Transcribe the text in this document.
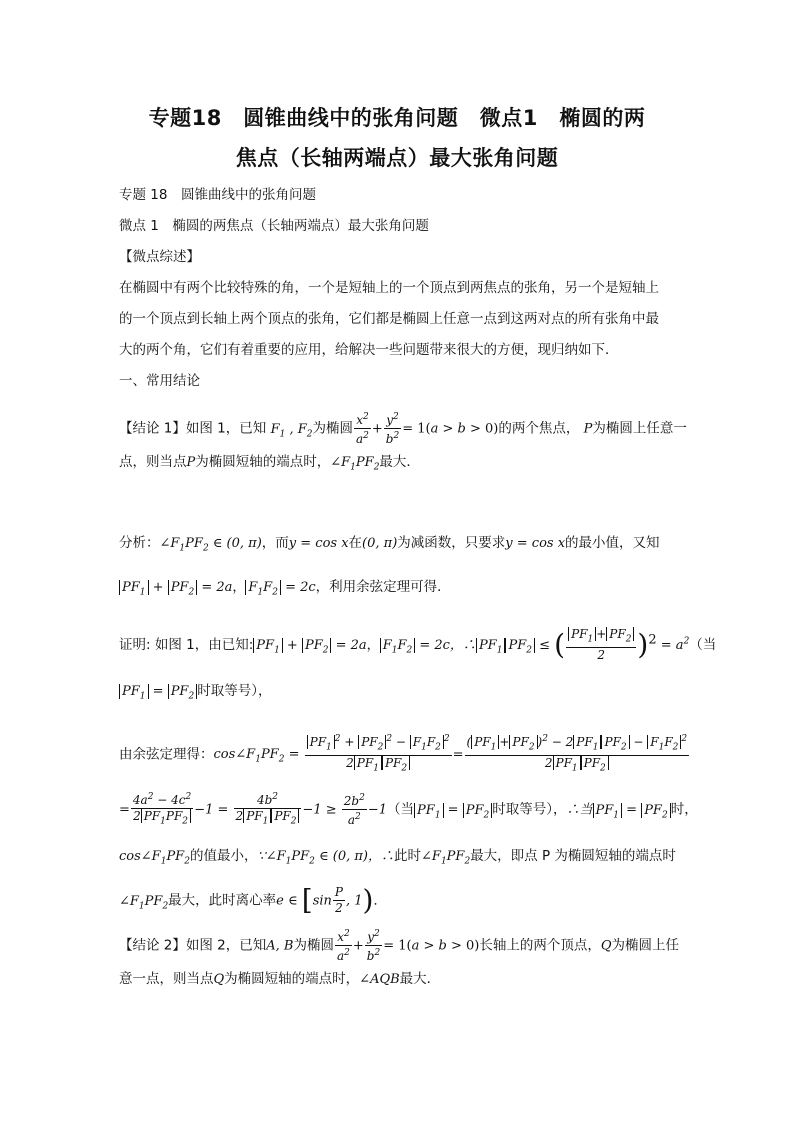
专题18　圆锥曲线中的张角问题　微点1　椭圆的两
焦点（长轴两端点）最大张角问题
专题 18　圆锥曲线中的张角问题
微点 1　椭圆的两焦点（长轴两端点）最大张角问题
【微点综述】
在椭圆中有两个比较特殊的角，一个是短轴上的一个顶点到两焦点的张角，另一个是短轴上
的一个顶点到长轴上两个顶点的张角，它们都是椭圆上任意一点到这两对点的所有张角中最
大的两个角，它们有着重要的应用，给解决一些问题带来很大的方便，现归纳如下．
一、常用结论
【结论 1】如图 1，已知 $F_1$ , $F_2$为椭圆 $\frac{x^2}{a^2} + \frac{y^2}{b^2} = 1(a > b > 0)$的两个焦点， P为椭圆上任意一
点，则当点P为椭圆短轴的端点时，$\angle F_1PF_2$最大．
分析：$\angle F_1PF_2$ ∈ (0, π)，而y = cos x在(0, π)为减函数，只要求y = cos x的最小值，又知
$PF_1 + PF_2 = 2a$， $F_1F_2 = 2c$，利用余弦定理可得．
证明: 如图 1，由已知: $PF_1 + PF_2 = 2a$， $F_1F_2 = 2c$，∴ $PF_1$ $PF_2$ ≤ ( $\frac{PF_1 + PF_2}{2} )^2 = a^2$（当
$PF_1 = PF_2$ 时取等号），
由余弦定理得：$\cos\angle F_1PF_2 = \frac{PF_1^2 + PF_2^2 - F_1F_2^2}{2 PF_1 PF_2} = \frac{( PF_1 + PF_2 )^2 - 2 PF_1 PF_2 - F_1F_2^2}{2 PF_1 PF_2}$
= $\frac{4a^2 - 4c^2}{2 PF_1PF_2} -1 = \frac{4b^2}{2 PF_1 PF_2} -1 \ge \frac{2b^2}{a^2} -1$（当 $PF_1 = PF_2$ 时取等号），∴当 $PF_1 = PF_2$ 时，
$\cos\angle F_1PF_2$的值最小，$\because\angle F_1PF_2$ ∈ (0, π)，∴此时$\angle F_1PF_2$最大，即点 P 为椭圆短轴的端点时
$\angle F_1PF_2$最大，此时离心率e ∈ [$\sin \frac{P}{2}$ , 1)．
【结论 2】如图 2，已知A, B为椭圆 $\frac{x^2}{a^2} + \frac{y^2}{b^2} = 1(a > b > 0)$长轴上的两个顶点，Q为椭圆上任
意一点，则当点Q为椭圆短轴的端点时，∠AQB最大．
